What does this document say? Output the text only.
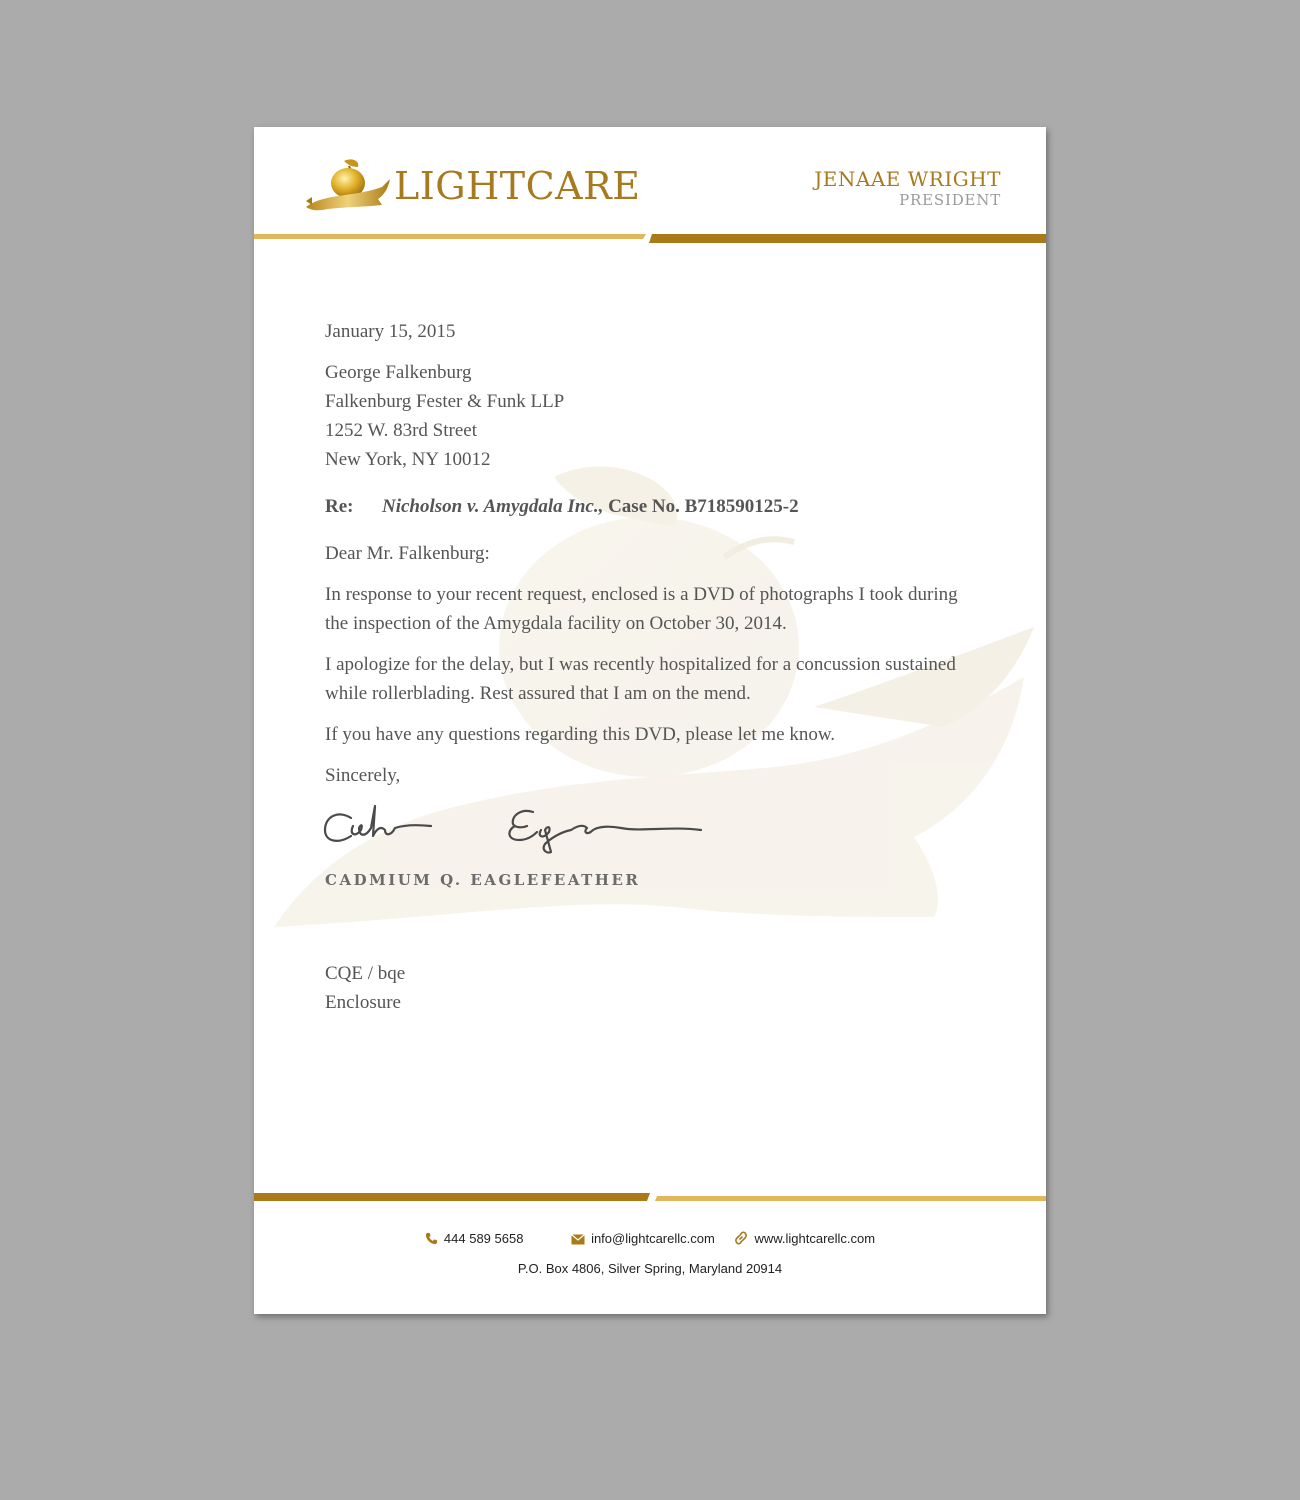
LIGHTCARE	JENAAE WRIGHT
PRESIDENT
January 15, 2015
George Falkenburg
Falkenburg Fester & Funk LLP
1252 W. 83rd Street
New York, NY 10012
Re: Nicholson v. Amygdala Inc., Case No. B718590125-2
Dear Mr. Falkenburg:
In response to your recent request, enclosed is a DVD of photographs I took during the inspection of the Amygdala facility on October 30, 2014.
I apologize for the delay, but I was recently hospitalized for a concussion sustained while rollerblading. Rest assured that I am on the mend.
If you have any questions regarding this DVD, please let me know.
Sincerely,
CADMIUM Q. EAGLEFEATHER
CQE / bqe
Enclosure
444 589 5658	info@lightcarellc.com	www.lightcarellc.com
P.O. Box 4806, Silver Spring, Maryland 20914
